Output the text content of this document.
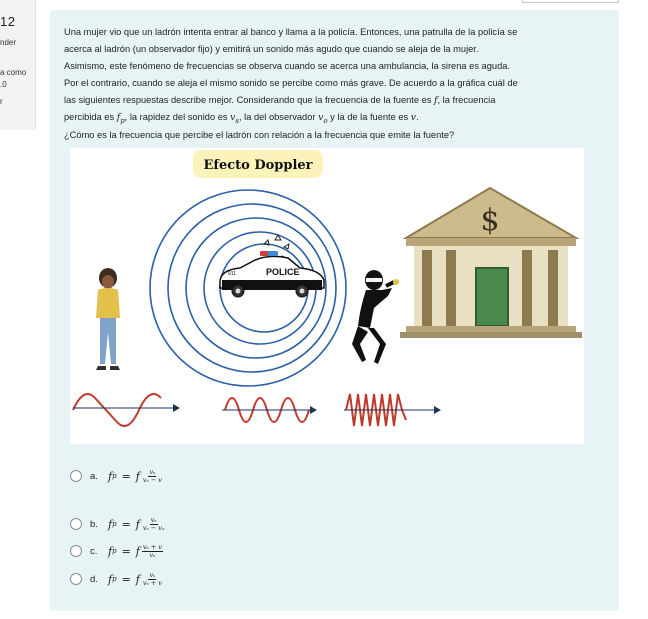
12
nder
a como
.0
r
Una mujer vio que un ladrón intenta entrar al banco y llama a la policía. Entonces, una patrulla de la policía se
acerca al ladrón (un observador fijo) y emitirá un sonido más agudo que cuando se aleja de la mujer.
Asimismo, este fenómeno de frecuencias se observa cuando se acerca una ambulancia, la sirena es aguda.
Por el contrario, cuando se aleja el mismo sonido se percibe como más grave. De acuerdo a la gráfica cuál de
las siguientes respuestas describe mejor. Considerando que la frecuencia de la fuente es f, la frecuencia
percibida es $f_p$, la rapidez del sonido es $v_s$, la del observador $v_o$ y la de la fuente es v.
¿Cómo es la frecuencia que percibe el ladrón con relación a la frecuencia que emite la fuente?
Efecto Doppler
POLICE
911
$
a. f p = f $\frac{\text{vₛ}}{\text{vₛ − v}}$
b. f p = f $\frac{\text{vₛ}}{\text{vₛ − vₒ}}$
c. f p = f $\frac{\text{vₛ + v}}{\text{vₛ}}$
d. f p = f $\frac{\text{vₛ}}{\text{vₛ + v}}$
